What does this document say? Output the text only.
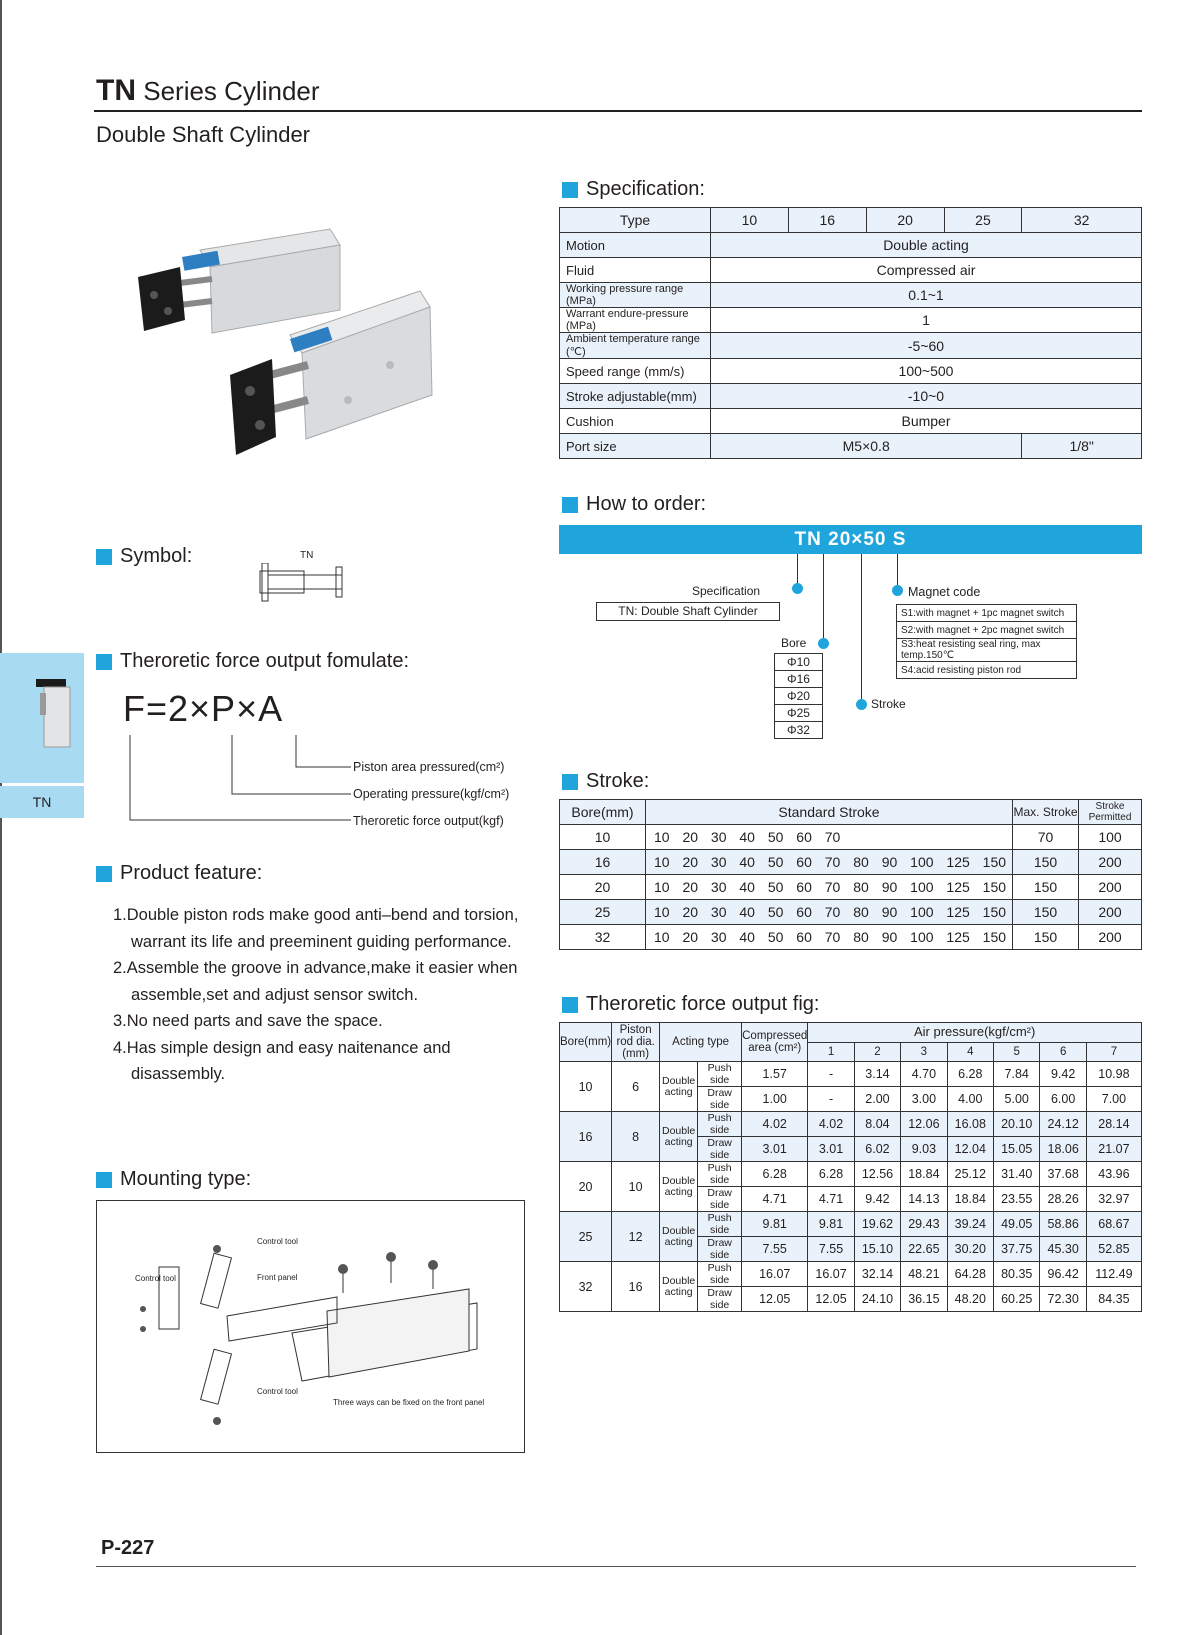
TN Series Cylinder
Double Shaft Cylinder
Symbol:	TN
TN
Theroretic force output fomulate:
F=2×P×A
Piston area pressured(cm²)
Operating pressure(kgf/cm²)
Theroretic force output(kgf)
Product feature:
1.Double piston rods make good anti–bend and torsion, warrant its life and preeminent guiding performance.
2.Assemble the groove in advance,make it easier when assemble,set and adjust sensor switch.
3.No need parts and save the space.
4.Has simple design and easy naitenance and disassembly.
Mounting type:
Control tool
Control tool	Front panel
Control tool
Three ways can be fixed on the front panel
Specification:
Type	10	16	20	25	32
Motion	Double acting				
Fluid	Compressed air				
Working pressure range (MPa)	0.1~1				
Warrant endure-pressure (MPa)	1				
Ambient temperature range (℃)	-5~60				
Speed range (mm/s)	100~500				
Stroke adjustable(mm)	-10~0				
Cushion	Bumper				
Port size	M5×0.8				1/8"
How to order:
TN 20×50 S
Specification
TN: Double Shaft Cylinder
Bore
Φ10
Φ16
Φ20
Φ25
Φ32
Stroke
Magnet code
S1:with magnet + 1pc magnet switch
S2:with magnet + 2pc magnet switch
S3:heat resisting seal ring, max temp.150℃
S4:acid resisting piston rod
Stroke:
Bore(mm)	Standard Stroke	Max. Stroke	Stroke Permitted
10	10 20 30 40 50 60 70	70	100
16	10 20 30 40 50 60 70 80 90 100 125 150	150	200
20	10 20 30 40 50 60 70 80 90 100 125 150	150	200
25	10 20 30 40 50 60 70 80 90 100 125 150	150	200
32	10 20 30 40 50 60 70 80 90 100 125 150	150	200
Theroretic force output fig:
Bore(mm)	Piston rod dia. (mm)	Acting type		Compressed area (cm²)	Air pressure(kgf/cm²)						
					1	2	3	4	5	6	7
10	6	Double acting	Push side	1.57	-	3.14	4.70	6.28	7.84	9.42	10.98
			Draw side	1.00	-	2.00	3.00	4.00	5.00	6.00	7.00
16	8	Double acting	Push side	4.02	4.02	8.04	12.06	16.08	20.10	24.12	28.14
			Draw side	3.01	3.01	6.02	9.03	12.04	15.05	18.06	21.07
20	10	Double acting	Push side	6.28	6.28	12.56	18.84	25.12	31.40	37.68	43.96
			Draw side	4.71	4.71	9.42	14.13	18.84	23.55	28.26	32.97
25	12	Double acting	Push side	9.81	9.81	19.62	29.43	39.24	49.05	58.86	68.67
			Draw side	7.55	7.55	15.10	22.65	30.20	37.75	45.30	52.85
32	16	Double acting	Push side	16.07	16.07	32.14	48.21	64.28	80.35	96.42	112.49
			Draw side	12.05	12.05	24.10	36.15	48.20	60.25	72.30	84.35
P-227
